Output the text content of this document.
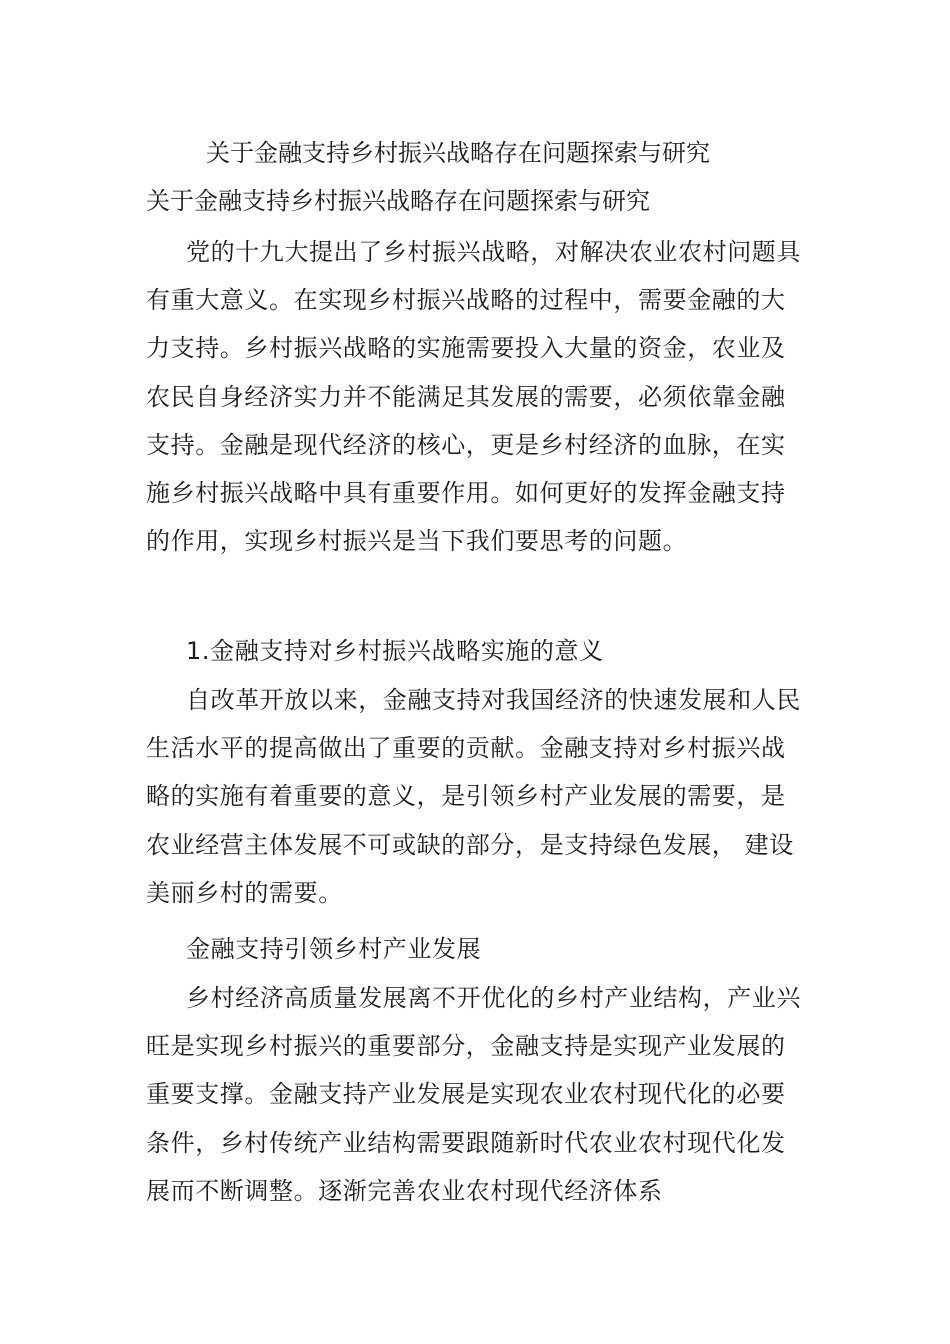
关于金融支持乡村振兴战略存在问题探索与研究
关于金融支持乡村振兴战略存在问题探索与研究

党的十九大提出了乡村振兴战略，对解决农业农村问题具有重大意义。在实现乡村振兴战略的过程中，需要金融的大力支持。乡村振兴战略的实施需要投入大量的资金，农业及农民自身经济实力并不能满足其发展的需要，必须依靠金融支持。金融是现代经济的核心，更是乡村经济的血脉，在实施乡村振兴战略中具有重要作用。如何更好的发挥金融支持的作用，实现乡村振兴是当下我们要思考的问题。

1.金融支持对乡村振兴战略实施的意义

自改革开放以来，金融支持对我国经济的快速发展和人民生活水平的提高做出了重要的贡献。金融支持对乡村振兴战略的实施有着重要的意义，是引领乡村产业发展的需要，是农业经营主体发展不可或缺的部分，是支持绿色发展， 建设美丽乡村的需要。

金融支持引领乡村产业发展

乡村经济高质量发展离不开优化的乡村产业结构，产业兴旺是实现乡村振兴的重要部分，金融支持是实现产业发展的重要支撑。金融支持产业发展是实现农业农村现代化的必要条件，乡村传统产业结构需要跟随新时代农业农村现代化发展而不断调整。逐渐完善农业农村现代经济体系
